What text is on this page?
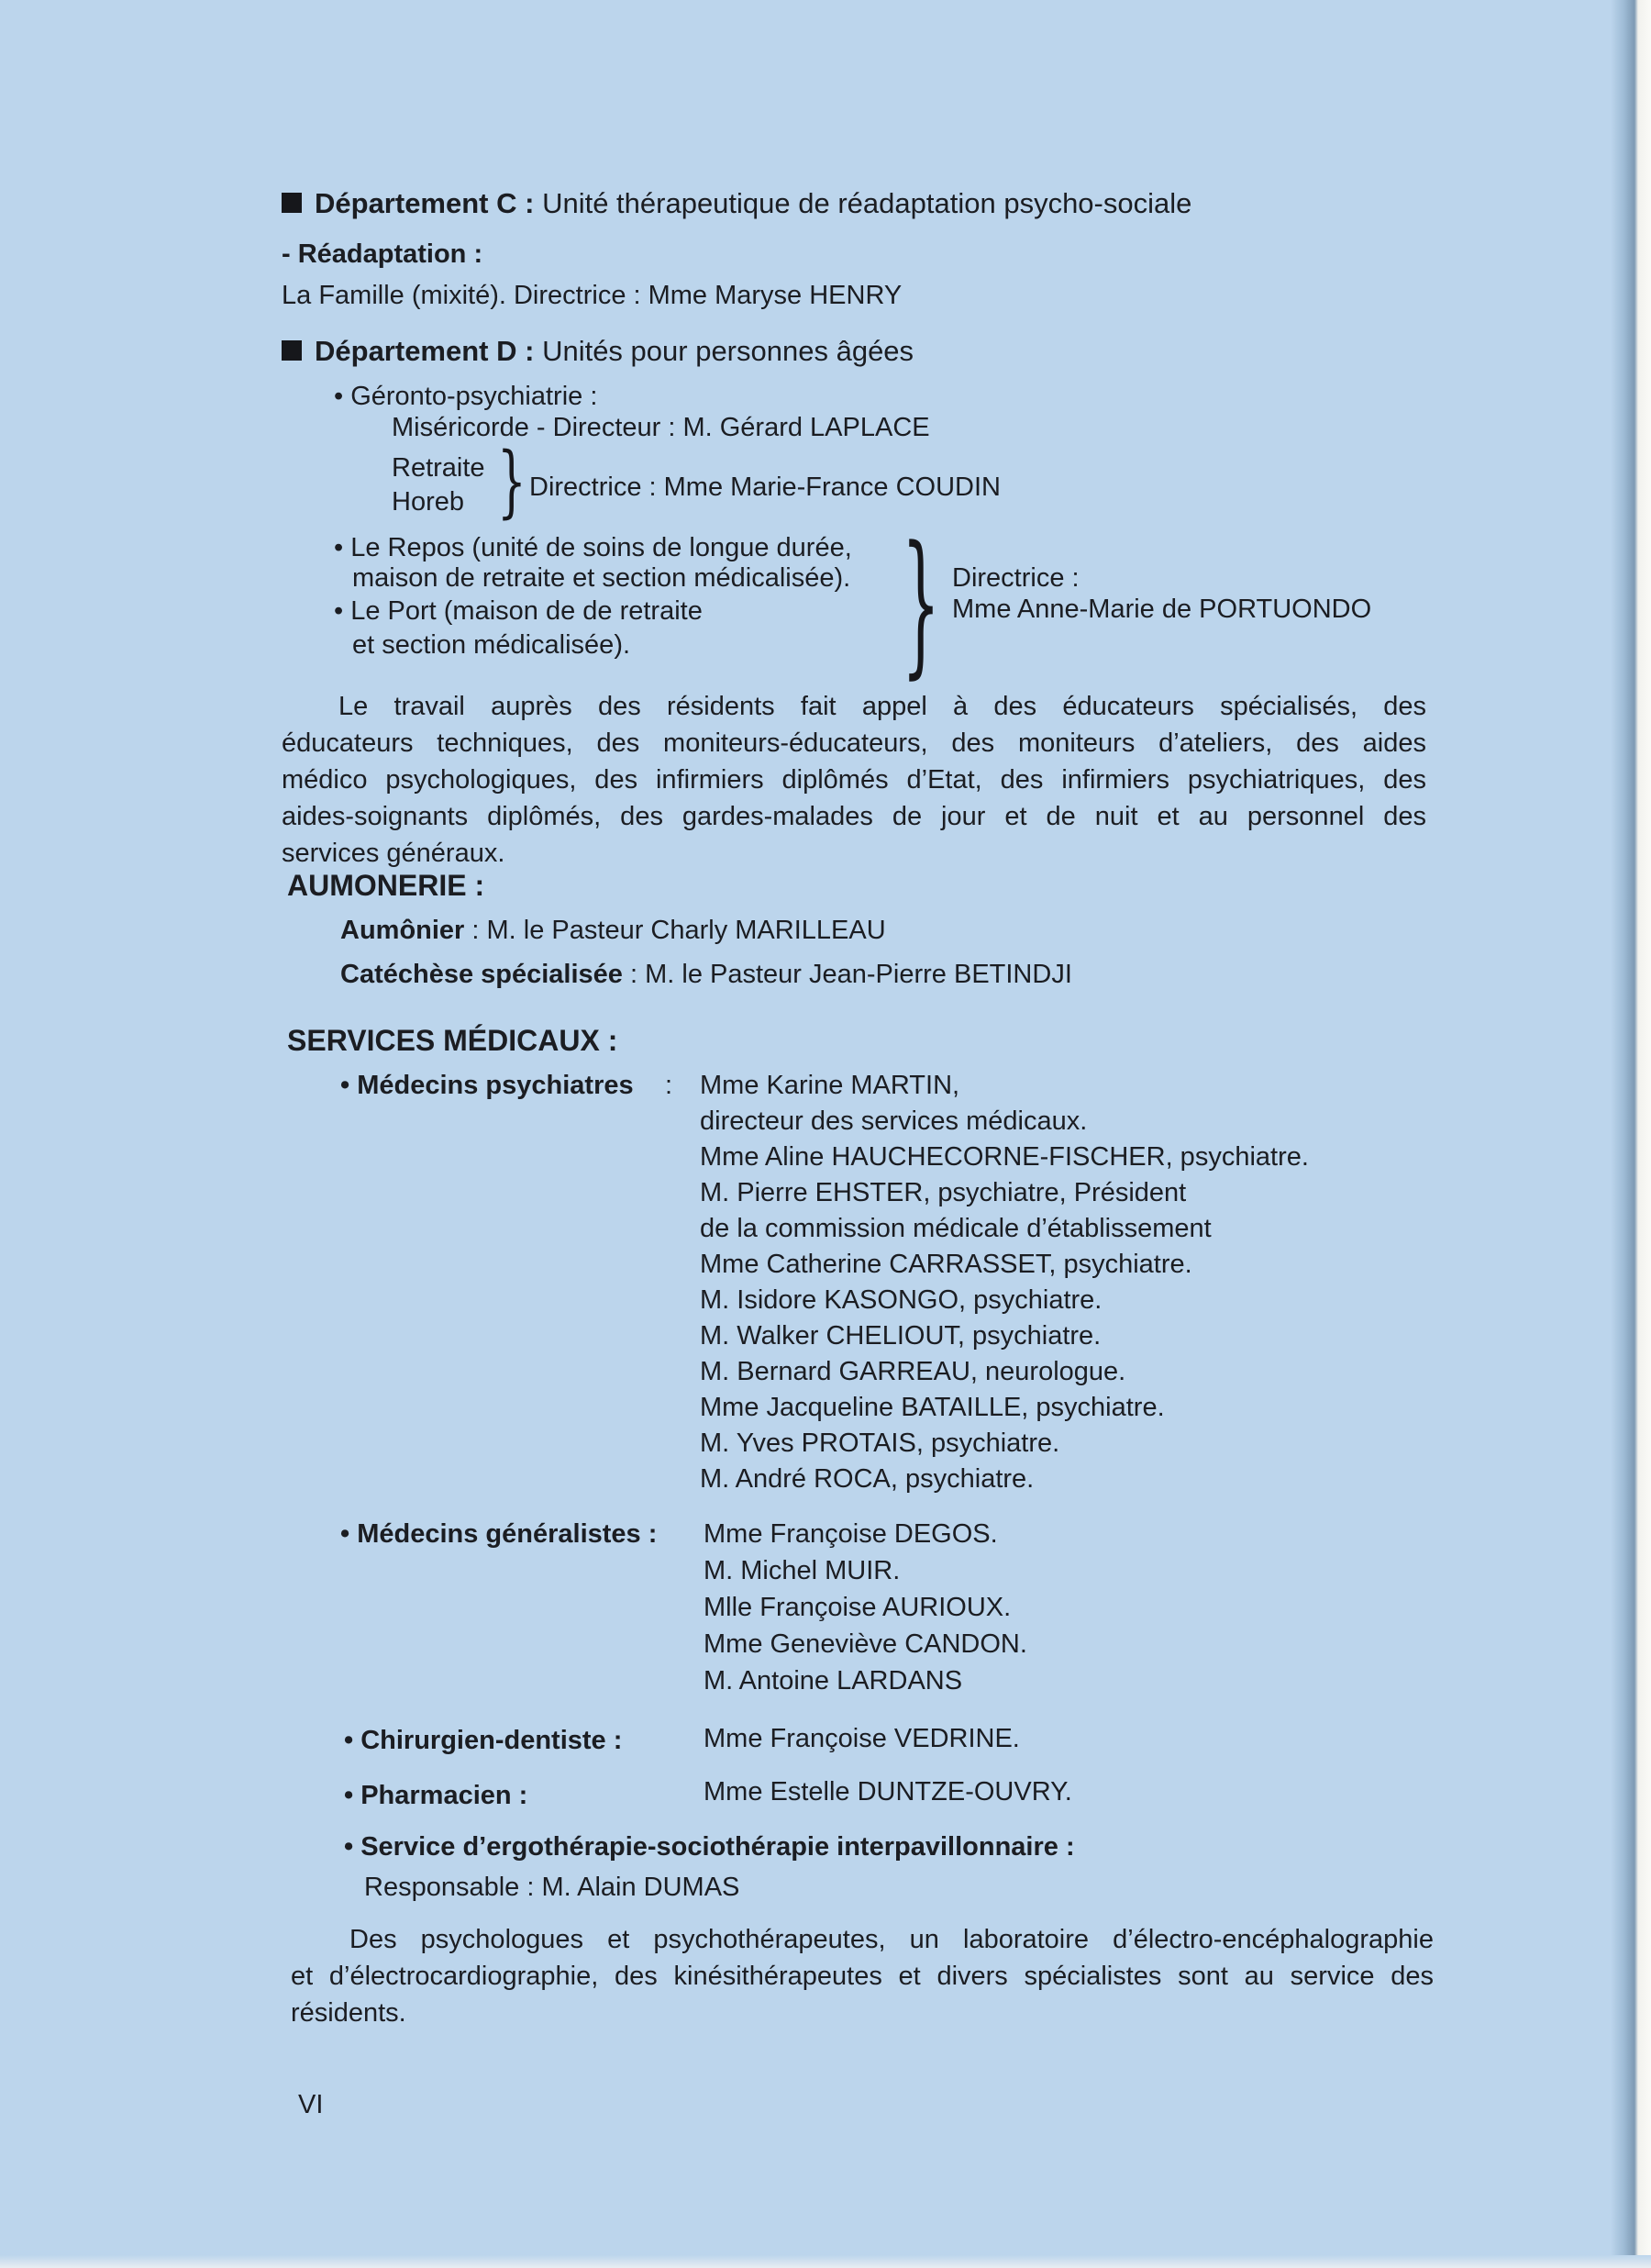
Département C : Unité thérapeutique de réadaptation psycho-sociale
- Réadaptation :
La Famille (mixité). Directrice : Mme Maryse HENRY
Département D : Unités pour personnes âgées
• Géronto-psychiatrie :
Miséricorde - Directeur : M. Gérard LAPLACE
Retraite
Horeb } Directrice : Mme Marie-France COUDIN
• Le Repos (unité de soins de longue durée,
maison de retraite et section médicalisée).
• Le Port (maison de de retraite
et section médicalisée).	} Directrice :
Mme Anne-Marie de PORTUONDO
Le travail auprès des résidents fait appel à des éducateurs spécialisés, des
éducateurs techniques, des moniteurs-éducateurs, des moniteurs d’ateliers, des aides
médico psychologiques, des infirmiers diplômés d’Etat, des infirmiers psychiatriques, des
aides-soignants diplômés, des gardes-malades de jour et de nuit et au personnel des
services généraux.
AUMONERIE :
Aumônier : M. le Pasteur Charly MARILLEAU
Catéchèse spécialisée : M. le Pasteur Jean-Pierre BETINDJI
SERVICES MÉDICAUX :
• Médecins psychiatres : Mme Karine MARTIN,
directeur des services médicaux.
Mme Aline HAUCHECORNE-FISCHER, psychiatre.
M. Pierre EHSTER, psychiatre, Président
de la commission médicale d’établissement
Mme Catherine CARRASSET, psychiatre.
M. Isidore KASONGO, psychiatre.
M. Walker CHELIOUT, psychiatre.
M. Bernard GARREAU, neurologue.
Mme Jacqueline BATAILLE, psychiatre.
M. Yves PROTAIS, psychiatre.
M. André ROCA, psychiatre.
• Médecins généralistes : Mme Françoise DEGOS.
M. Michel MUIR.
Mlle Françoise AURIOUX.
Mme Geneviève CANDON.
M. Antoine LARDANS
• Chirurgien-dentiste :	Mme Françoise VEDRINE.
• Pharmacien :	Mme Estelle DUNTZE-OUVRY.
• Service d’ergothérapie-sociothérapie interpavillonnaire :
Responsable : M. Alain DUMAS
Des psychologues et psychothérapeutes, un laboratoire d’électro-encéphalographie
et d’électrocardiographie, des kinésithérapeutes et divers spécialistes sont au service des
résidents.
VI
